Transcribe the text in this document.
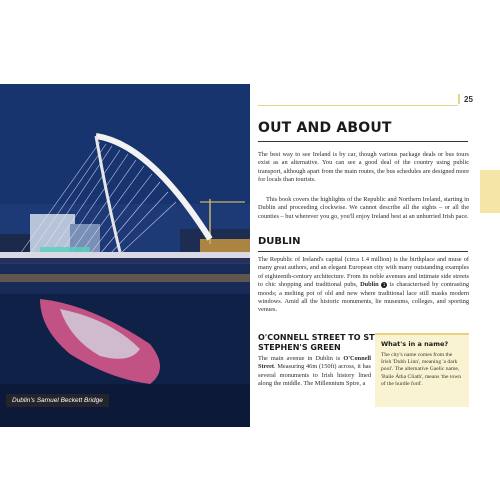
Dublin's Samuel Beckett Bridge
25
OUT AND ABOUT

The best way to see Ireland is by car, though various package deals or bus tours exist as an alternative. You can see a good deal of the country using public transport, although apart from the main routes, the bus schedules are designed more for locals than tourists.

This book covers the highlights of the Republic and Northern Ireland, starting in Dublin and proceeding clockwise. We cannot describe all the sights – or all the counties – but wherever you go, you'll enjoy Ireland best at an unhurried Irish pace.

DUBLIN

The Republic of Ireland's capital (circa 1.4 million) is the birthplace and muse of many great authors, and an elegant European city with many outstanding examples of eighteenth-century architecture. From its noble avenues and intimate side streets to chic shopping and traditional pubs, Dublin 1 is characterised by contrasting moods; a melting pot of old and new where traditional lace still masks modern windows. Amid all the historic monuments, lie museums, colleges, and sporting venues.

O'CONNELL STREET TO ST STEPHEN'S GREEN

The main avenue in Dublin is O'Connell Street. Measuring 46m (150ft) across, it has several monuments to Irish history lined along the middle. The Millennium Spire, a

What's in a name?
The city's name comes from the Irish 'Dubh Linn', meaning 'a dark pool'. The alternative Gaelic name, 'Baile Átha Cliath', means 'the town of the hurdle ford'.
